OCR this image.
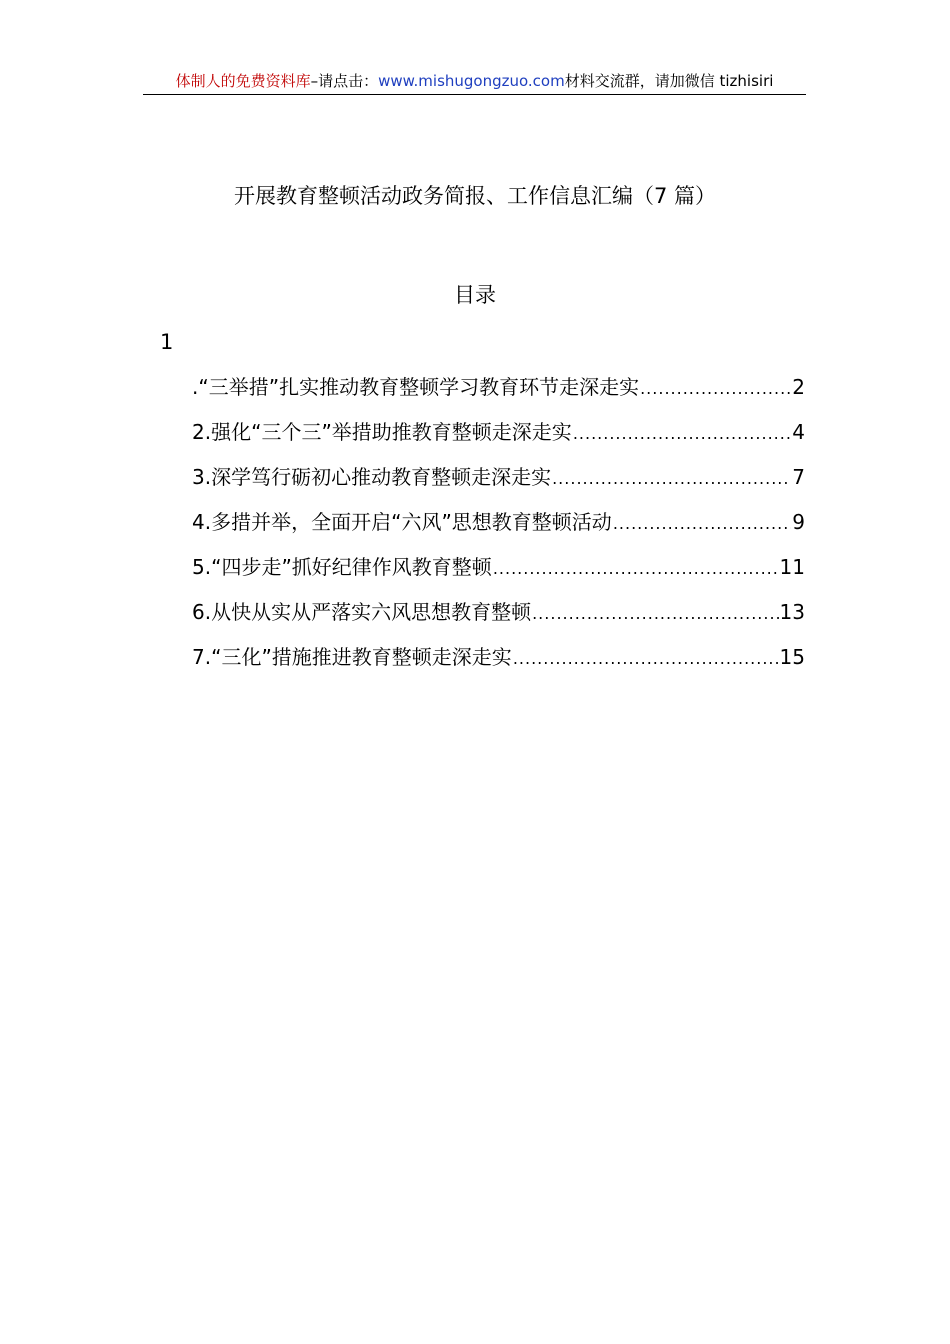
体制人的免费资料库–请点击：www.mishugongzuo.com材料交流群，请加微信 tizhisiri
开展教育整顿活动政务简报、工作信息汇编（7 篇）
目录
1
.“三举措”扎实推动教育整顿学习教育环节走深走实 .....	2
2.强化“三个三”举措助推教育整顿走深走实 .....	4
3.深学笃行砺初心推动教育整顿走深走实 .....	7
4.多措并举，全面开启“六风”思想教育整顿活动 .....	9
5.“四步走”抓好纪律作风教育整顿 .....	11
6.从快从实从严落实六风思想教育整顿 .....	13
7.“三化”措施推进教育整顿走深走实 .....	15
